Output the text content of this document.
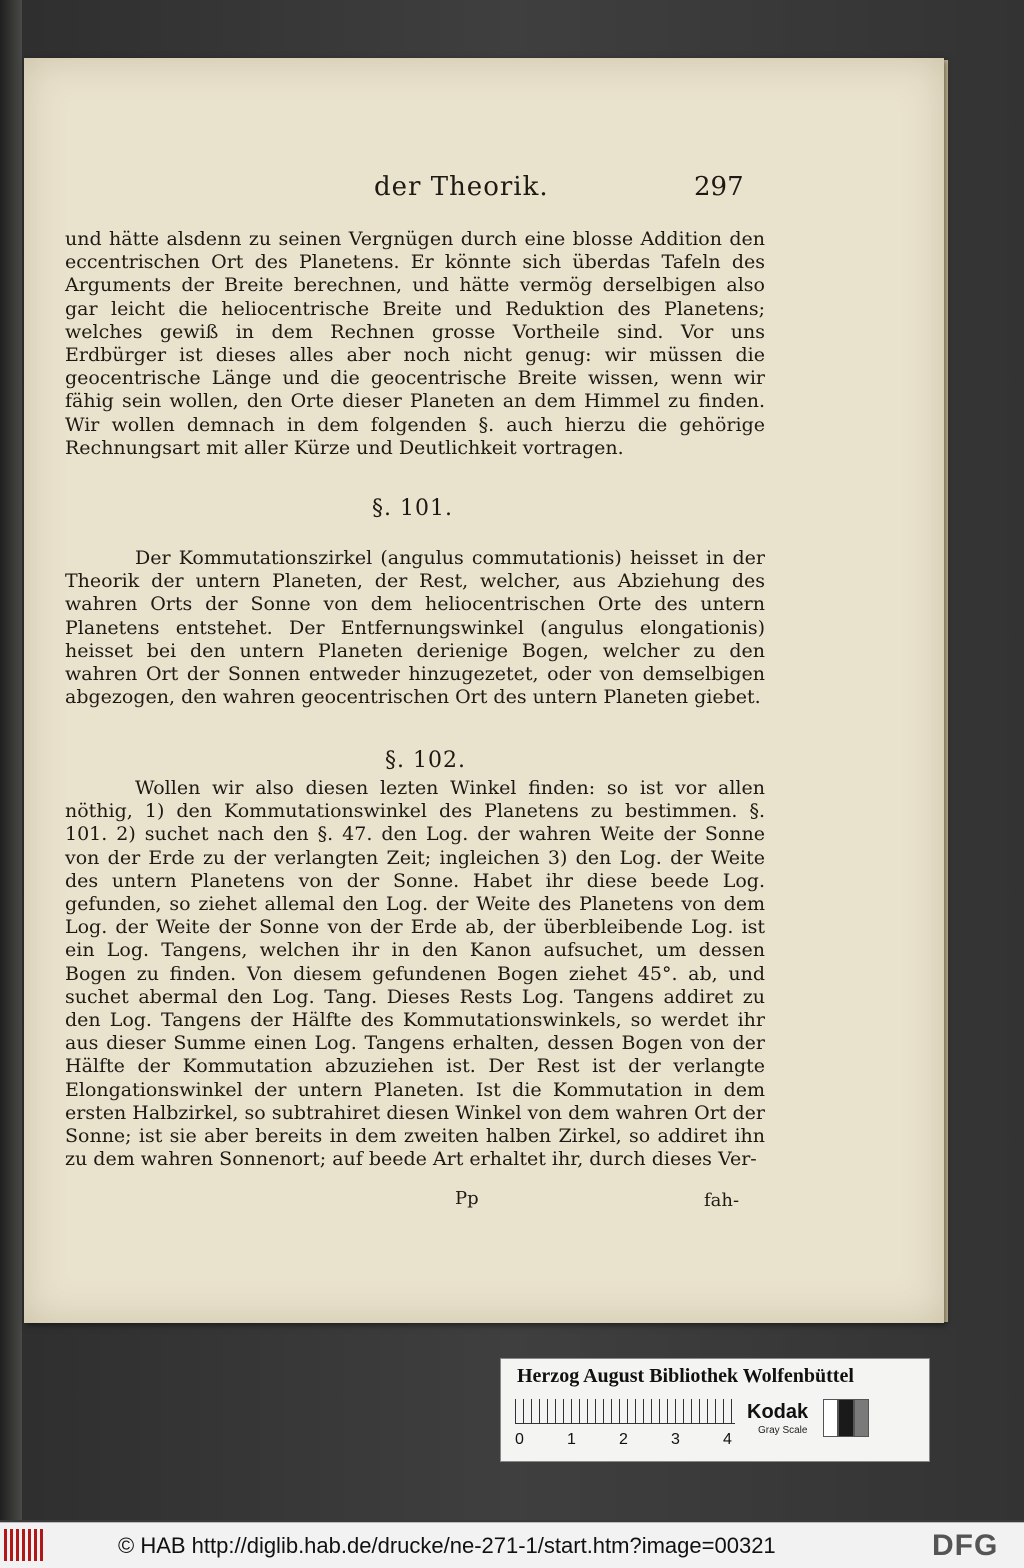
der Theorik.	297
und hätte alsdenn zu seinen Vergnügen durch eine blosse Addition den eccentrischen Ort des Planetens. Er könnte sich überdas Tafeln des Arguments der Breite berechnen, und hätte vermög derselbigen also gar leicht die heliocentrische Breite und Reduktion des Planetens; welches gewiß in dem Rechnen grosse Vortheile sind. Vor uns Erdbürger ist dieses alles aber noch nicht genug: wir müssen die geocentrische Länge und die geocentrische Breite wissen, wenn wir fähig sein wollen, den Orte dieser Planeten an dem Himmel zu finden. Wir wollen demnach in dem folgenden §. auch hierzu die gehörige Rechnungsart mit aller Kürze und Deutlichkeit vortragen.
§. 101.
Der Kommutationszirkel (angulus commutationis) heisset in der Theorik der untern Planeten, der Rest, welcher, aus Abziehung des wahren Orts der Sonne von dem heliocentrischen Orte des untern Planetens entstehet. Der Entfernungswinkel (angulus elongationis) heisset bei den untern Planeten derienige Bogen, welcher zu den wahren Ort der Sonnen entweder hinzugezetet, oder von demselbigen abgezogen, den wahren geocentrischen Ort des untern Planeten giebet.
§. 102.
Wollen wir also diesen lezten Winkel finden: so ist vor allen nöthig, 1) den Kommutationswinkel des Planetens zu bestimmen. §. 101. 2) suchet nach den §. 47. den Log. der wahren Weite der Sonne von der Erde zu der verlangten Zeit; ingleichen 3) den Log. der Weite des untern Planetens von der Sonne. Habet ihr diese beede Log. gefunden, so ziehet allemal den Log. der Weite des Planetens von dem Log. der Weite der Sonne von der Erde ab, der überbleibende Log. ist ein Log. Tangens, welchen ihr in den Kanon aufsuchet, um dessen Bogen zu finden. Von diesem gefundenen Bogen ziehet 45°. ab, und suchet abermal den Log. Tang. Dieses Rests Log. Tangens addiret zu den Log. Tangens der Hälfte des Kommutationswinkels, so werdet ihr aus dieser Summe einen Log. Tangens erhalten, dessen Bogen von der Hälfte der Kommutation abzuziehen ist. Der Rest ist der verlangte Elongationswinkel der untern Planeten. Ist die Kommutation in dem ersten Halbzirkel, so subtrahiret diesen Winkel von dem wahren Ort der Sonne; ist sie aber bereits in dem zweiten halben Zirkel, so addiret ihn zu dem wahren Sonnenort; auf beede Art erhaltet ihr, durch dieses Ver-
Pp	fah-
Herzog August Bibliothek Wolfenbüttel
0	1	2	3	4
Kodak
Gray Scale
© HAB http://diglib.hab.de/drucke/ne-271-1/start.htm?image=00321	DFG
